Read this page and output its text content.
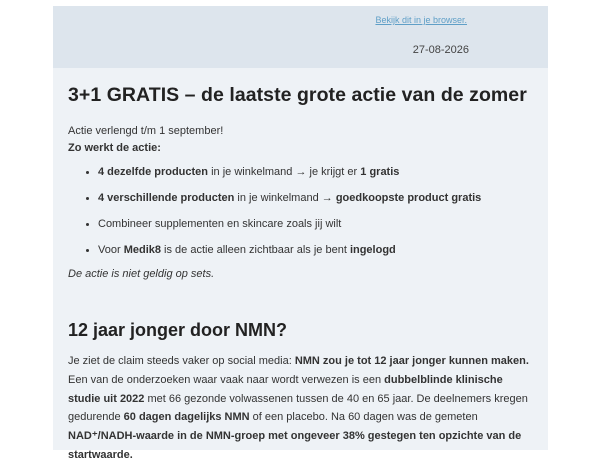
Bekijk dit in je browser.
27-08-2026
3+1 GRATIS – de laatste grote actie van de zomer

Actie verlengd t/m 1 september!

Zo werkt de actie:

• 4 dezelfde producten in je winkelmand → je krijgt er 1 gratis
• 4 verschillende producten in je winkelmand → goedkoopste product gratis
• Combineer supplementen en skincare zoals jij wilt
• Voor Medik8 is de actie alleen zichtbaar als je bent ingelogd

De actie is niet geldig op sets.

12 jaar jonger door NMN?

Je ziet de claim steeds vaker op social media: NMN zou je tot 12 jaar jonger kunnen maken. Een van de onderzoeken waar vaak naar wordt verwezen is een dubbelblinde klinische studie uit 2022 met 66 gezonde volwassenen tussen de 40 en 65 jaar. De deelnemers kregen gedurende 60 dagen dagelijks NMN of een placebo. Na 60 dagen was de gemeten NAD⁺/NADH-waarde in de NMN-groep met ongeveer 38% gestegen ten opzichte van de startwaarde.
